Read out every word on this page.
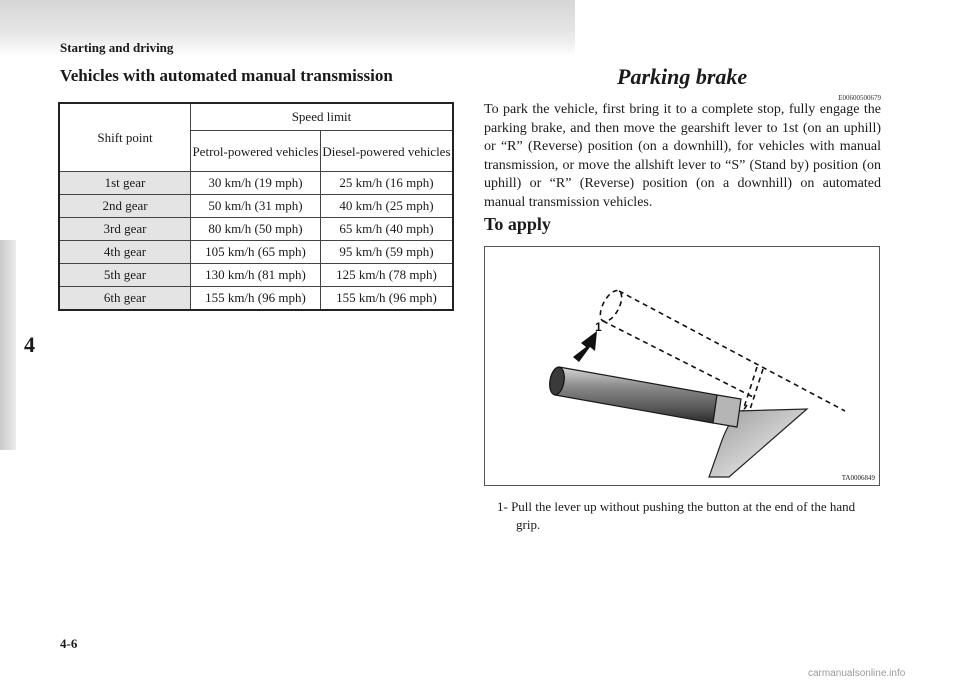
Starting and driving
4
Vehicles with automated manual transmission
Shift point	Speed limit	
	Petrol-powered vehicles	Diesel-powered vehicles
1st gear	30 km/h (19 mph)	25 km/h (16 mph)
2nd gear	50 km/h (31 mph)	40 km/h (25 mph)
3rd gear	80 km/h (50 mph)	65 km/h (40 mph)
4th gear	105 km/h (65 mph)	95 km/h (59 mph)
5th gear	130 km/h (81 mph)	125 km/h (78 mph)
6th gear	155 km/h (96 mph)	155 km/h (96 mph)
Parking brake
E00600500679
To park the vehicle, first bring it to a complete stop, fully engage the parking brake, and then move the gearshift lever to 1st (on an uphill) or “R” (Reverse) position (on a downhill), for vehicles with manual transmission, or move the allshift lever to “S” (Stand by) position (on uphill) or “R” (Reverse) position (on a downhill) on automated manual transmission vehicles.
To apply
1
TA0006849
1- Pull the lever up without pushing the button at the end of the hand grip.
4-6
carmanualsonline.info
